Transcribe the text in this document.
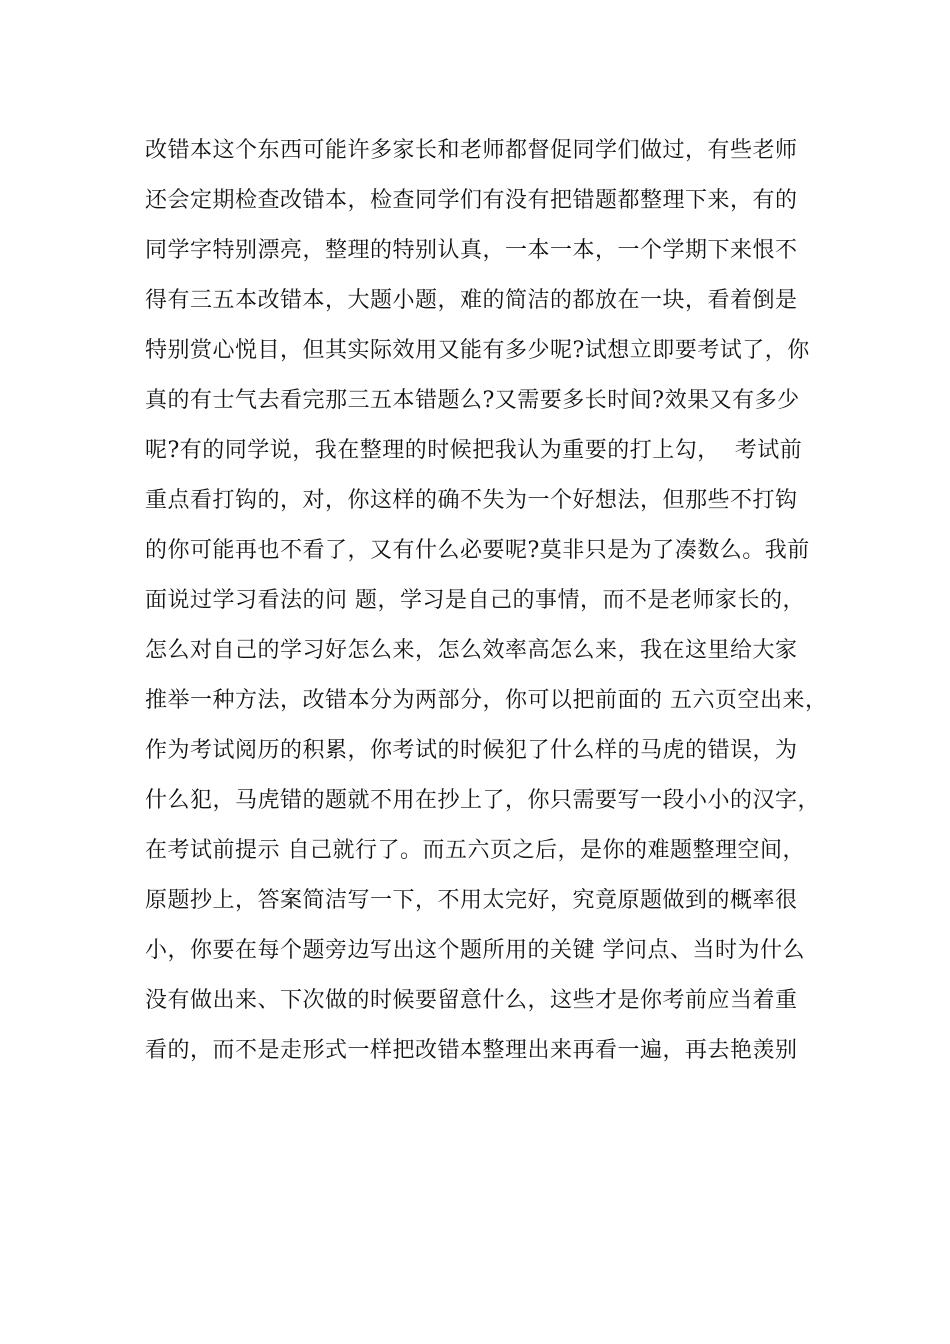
改错本这个东西可能许多家长和老师都督促同学们做过，有些老师
还会定期检查改错本，检查同学们有没有把错题都整理下来，有的
同学字特别漂亮，整理的特别认真，一本一本，一个学期下来恨不
得有三五本改错本，大题小题，难的简洁的都放在一块，看着倒是
特别赏心悦目，但其实际效用又能有多少呢?试想立即要考试了，你
真的有士气去看完那三五本错题么?又需要多长时间?效果又有多少
呢?有的同学说，我在整理的时候把我认为重要的打上勾，  考试前
重点看打钩的，对，你这样的确不失为一个好想法，但那些不打钩
的你可能再也不看了，又有什么必要呢?莫非只是为了凑数么。我前
面说过学习看法的问 题，学习是自己的事情，而不是老师家长的，
怎么对自己的学习好怎么来，怎么效率高怎么来，我在这里给大家
推举一种方法，改错本分为两部分，你可以把前面的 五六页空出来，
作为考试阅历的积累，你考试的时候犯了什么样的马虎的错误，为
什么犯，马虎错的题就不用在抄上了，你只需要写一段小小的汉字，
在考试前提示 自己就行了。而五六页之后，是你的难题整理空间，
原题抄上，答案简洁写一下，不用太完好，究竟原题做到的概率很
小，你要在每个题旁边写出这个题所用的关键 学问点、当时为什么
没有做出来、下次做的时候要留意什么，这些才是你考前应当着重
看的，而不是走形式一样把改错本整理出来再看一遍，再去艳羡别
